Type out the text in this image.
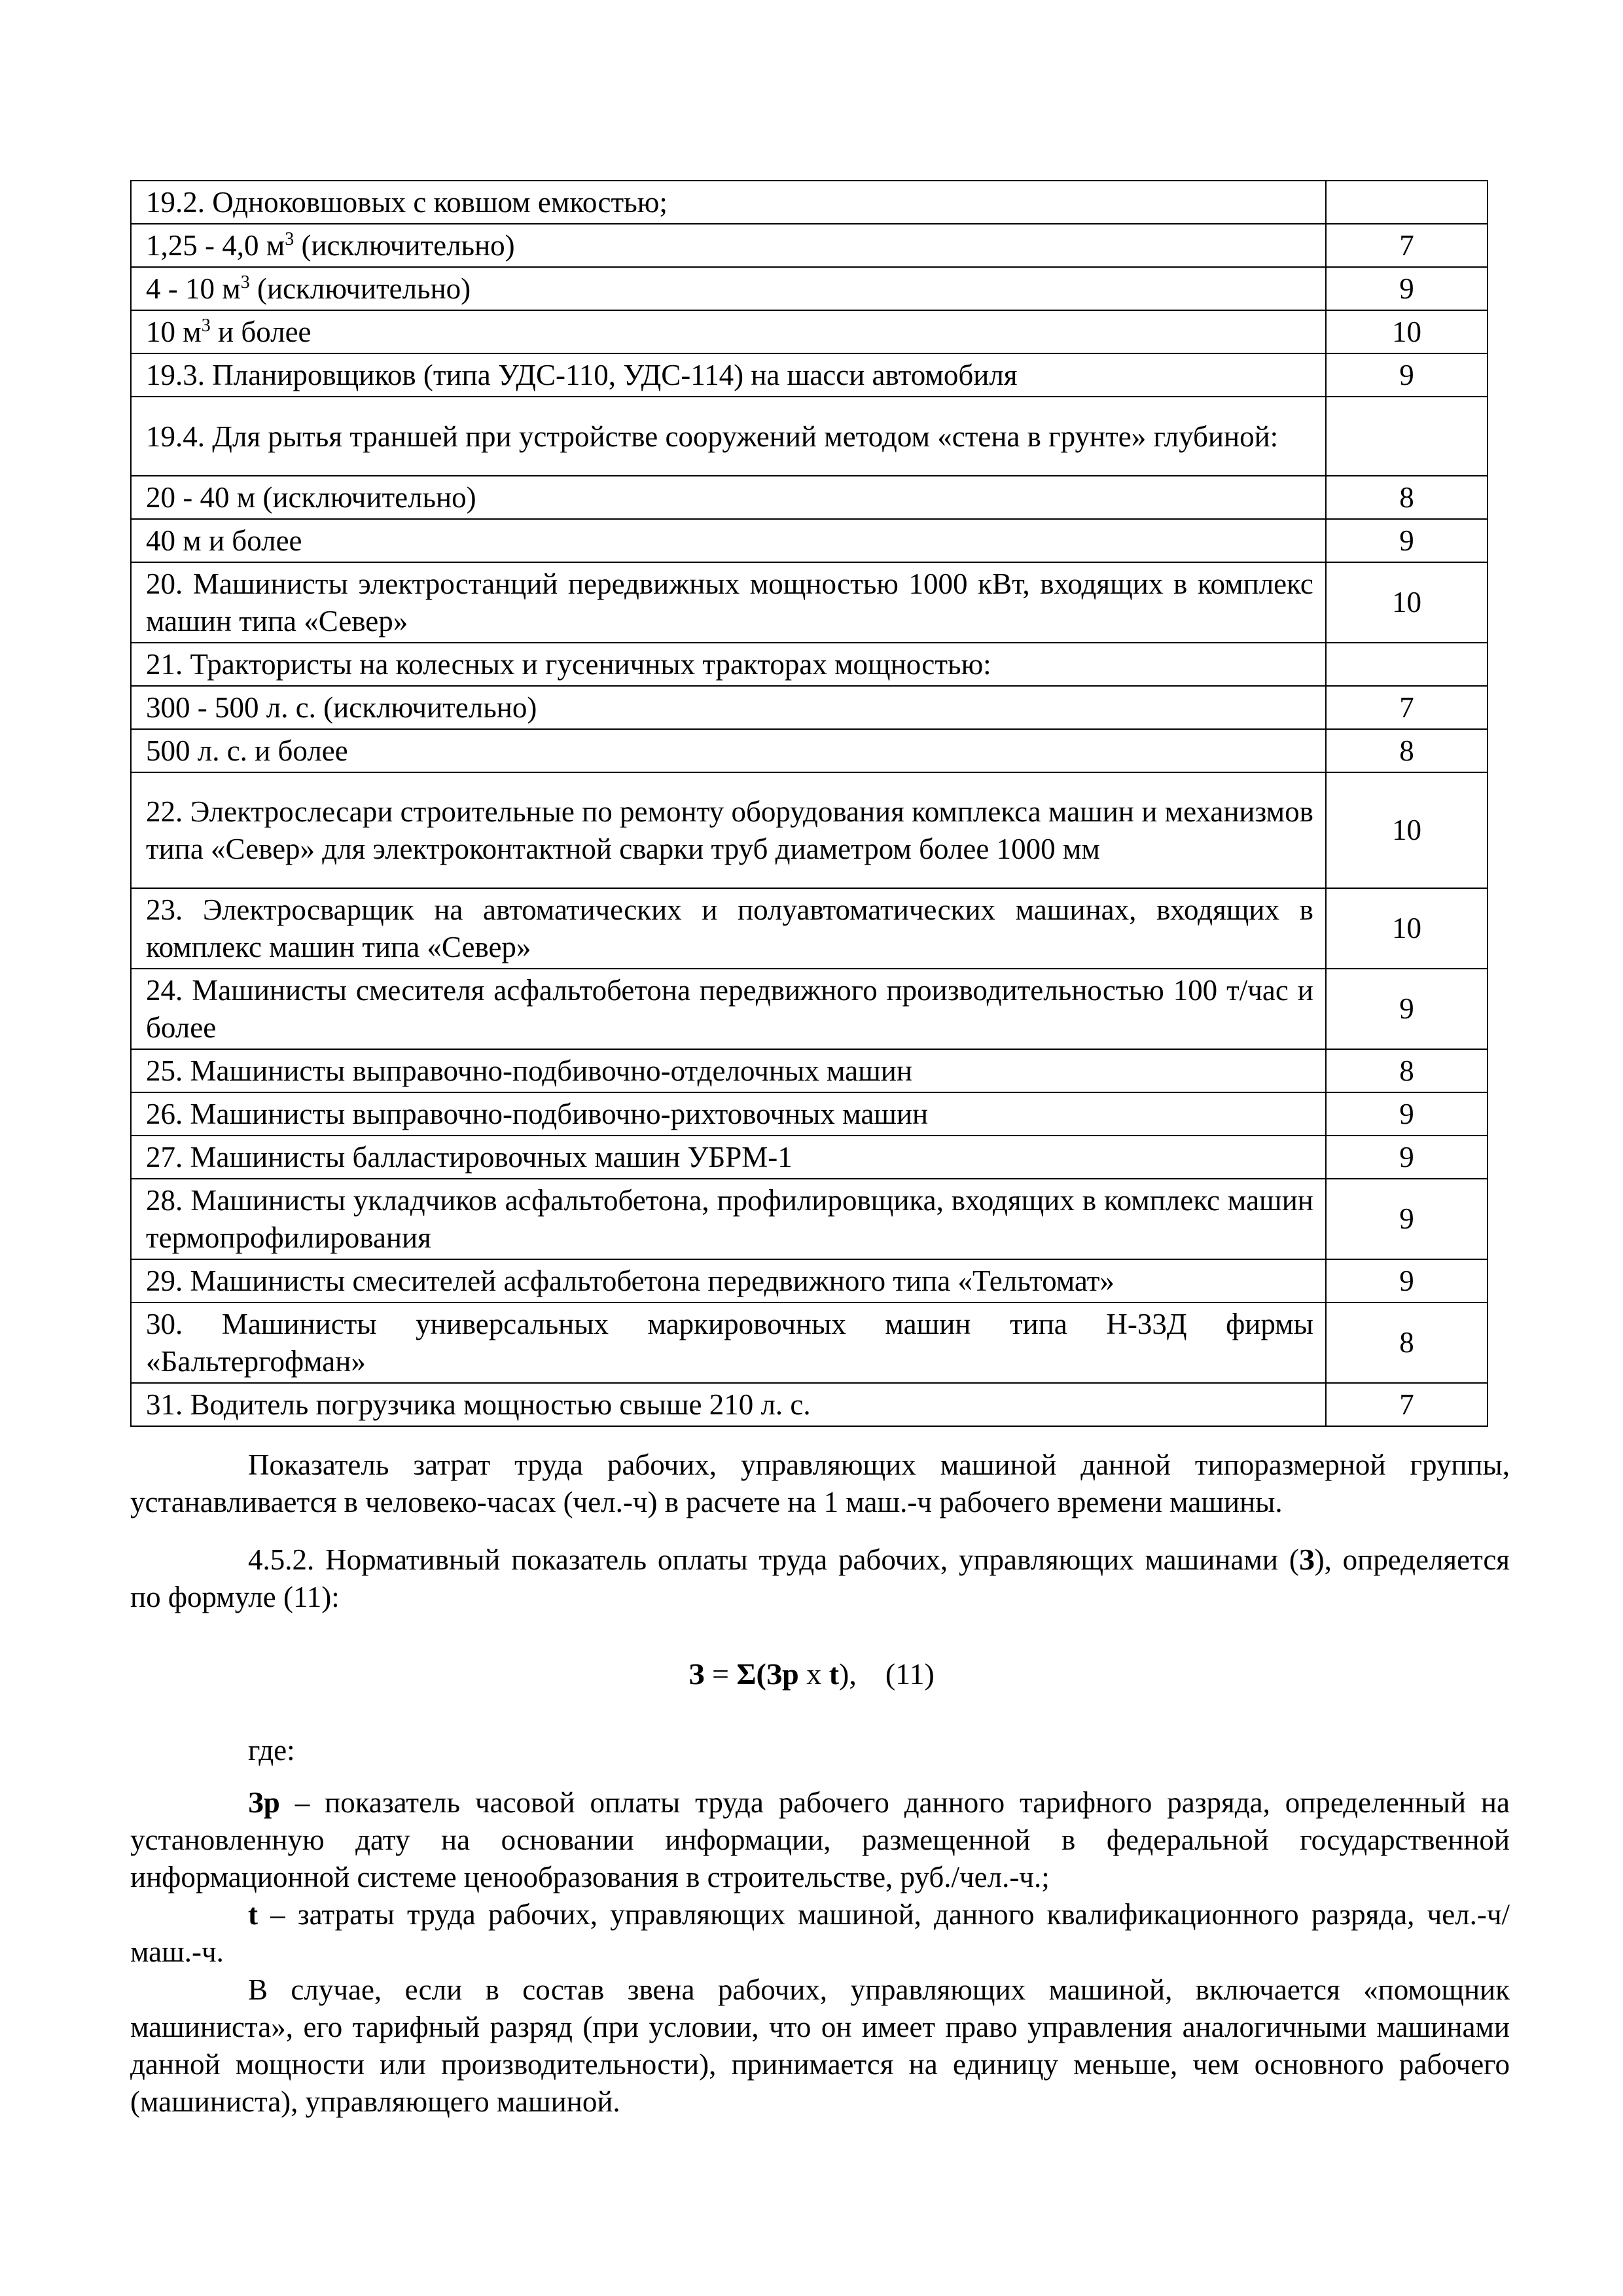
19.2. Одноковшовых с ковшом емкостью;	
1,25 - 4,0 $м^3$ (исключительно)	7
4 - 10 $м^3$ (исключительно)	9
10 $м^3$ и более	10
19.3. Планировщиков (типа УДС-110, УДС-114) на шасси автомобиля	9
19.4. Для рытья траншей при устройстве сооружений методом «стена в грунте» глубиной:	
20 - 40 м (исключительно)	8
40 м и более	9
20. Машинисты электростанций передвижных мощностью 1000 кВт, входящих в комплекс машин типа «Север»	10
21. Трактористы на колесных и гусеничных тракторах мощностью:	
300 - 500 л. с. (исключительно)	7
500 л. с. и более	8
22. Электрослесари строительные по ремонту оборудования комплекса машин и механизмов типа «Север» для электроконтактной сварки труб диаметром более 1000 мм	10
23. Электросварщик на автоматических и полуавтоматических машинах, входящих в комплекс машин типа «Север»	10
24. Машинисты смесителя асфальтобетона передвижного производительностью 100 т/час и более	9
25. Машинисты выправочно-подбивочно-отделочных машин	8
26. Машинисты выправочно-подбивочно-рихтовочных машин	9
27. Машинисты балластировочных машин УБРМ-1	9
28. Машинисты укладчиков асфальтобетона, профилировщика, входящих в комплекс машин термопрофилирования	9
29. Машинисты смесителей асфальтобетона передвижного типа «Тельтомат»	9
30. Машинисты универсальных маркировочных машин типа Н-33Д фирмы «Бальтергофман»	8
31. Водитель погрузчика мощностью свыше 210 л. с.	7

Показатель затрат труда рабочих, управляющих машиной данной типоразмерной группы, устанавливается в человеко-часах (чел.-ч) в расчете на 1 маш.-ч рабочего времени машины.

4.5.2. Нормативный показатель оплаты труда рабочих, управляющих машинами (З), определяется по формуле (11):

З = Σ(Зр x t), (11)

где:

Зр – показатель часовой оплаты труда рабочего данного тарифного разряда, определенный на установленную дату на основании информации, размещенной в федеральной государственной информационной системе ценообразования в строительстве, руб./чел.-ч.;

t – затраты труда рабочих, управляющих машиной, данного квалификационного разряда, чел.-ч/маш.-ч.

В случае, если в состав звена рабочих, управляющих машиной, включается «помощник машиниста», его тарифный разряд (при условии, что он имеет право управления аналогичными машинами данной мощности или производительности), принимается на единицу меньше, чем основного рабочего (машиниста), управляющего машиной.
